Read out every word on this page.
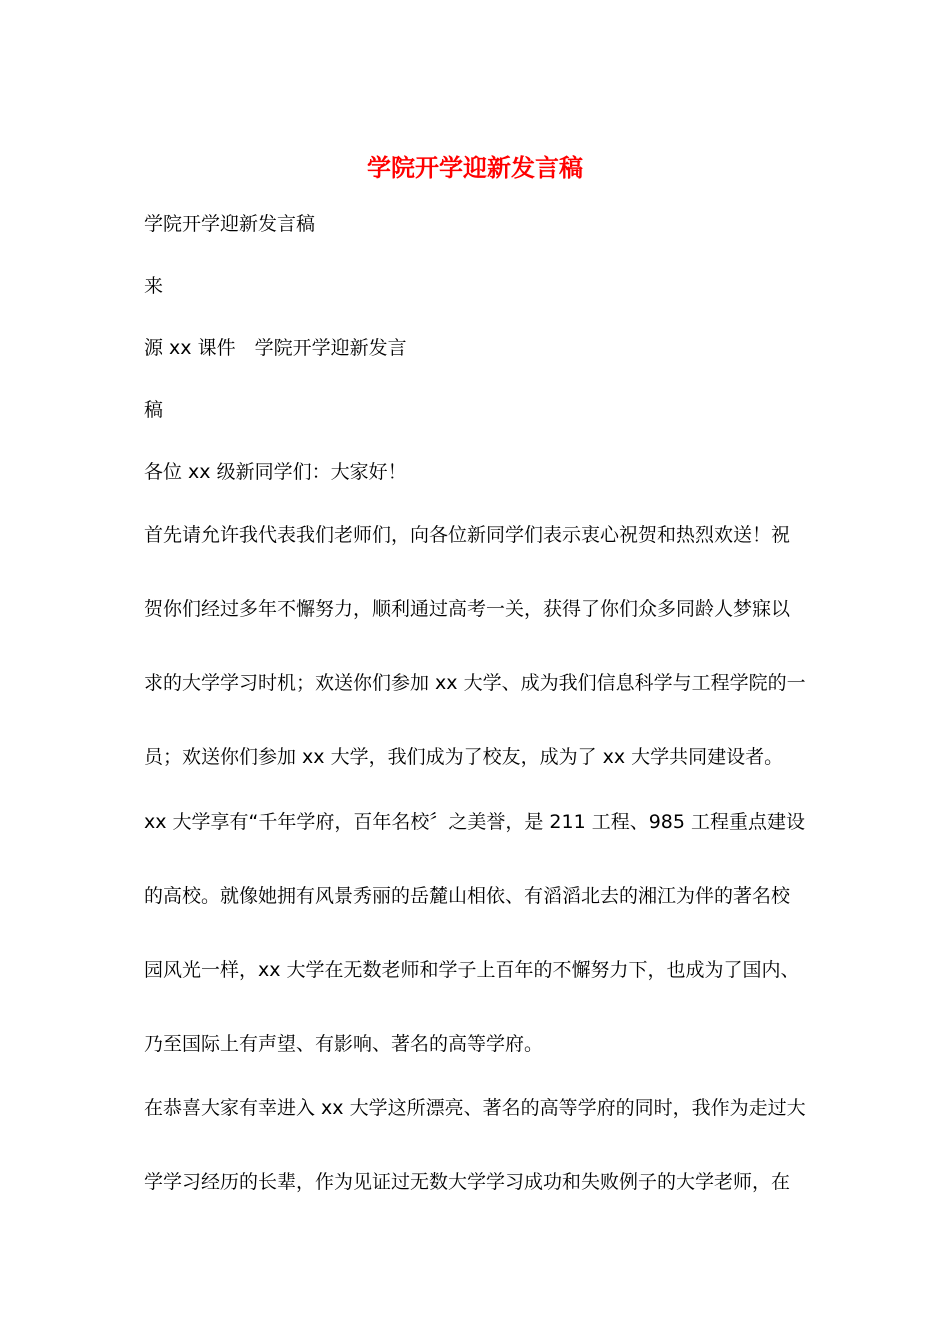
学院开学迎新发言稿

学院开学迎新发言稿

来

源 xx 课件　学院开学迎新发言

稿

各位 xx 级新同学们：大家好！

首先请允许我代表我们老师们，向各位新同学们表示衷心祝贺和热烈欢送！祝

贺你们经过多年不懈努力，顺利通过高考一关，获得了你们众多同龄人梦寐以

求的大学学习时机；欢送你们参加 xx 大学、成为我们信息科学与工程学院的一

员；欢送你们参加 xx 大学，我们成为了校友，成为了 xx 大学共同建设者。

xx 大学享有“千年学府，百年名校〞之美誉，是 211 工程、985 工程重点建设

的高校。就像她拥有风景秀丽的岳麓山相依、有滔滔北去的湘江为伴的著名校

园风光一样，xx 大学在无数老师和学子上百年的不懈努力下，也成为了国内、

乃至国际上有声望、有影响、著名的高等学府。

在恭喜大家有幸进入 xx 大学这所漂亮、著名的高等学府的同时，我作为走过大

学学习经历的长辈，作为见证过无数大学学习成功和失败例子的大学老师，在
